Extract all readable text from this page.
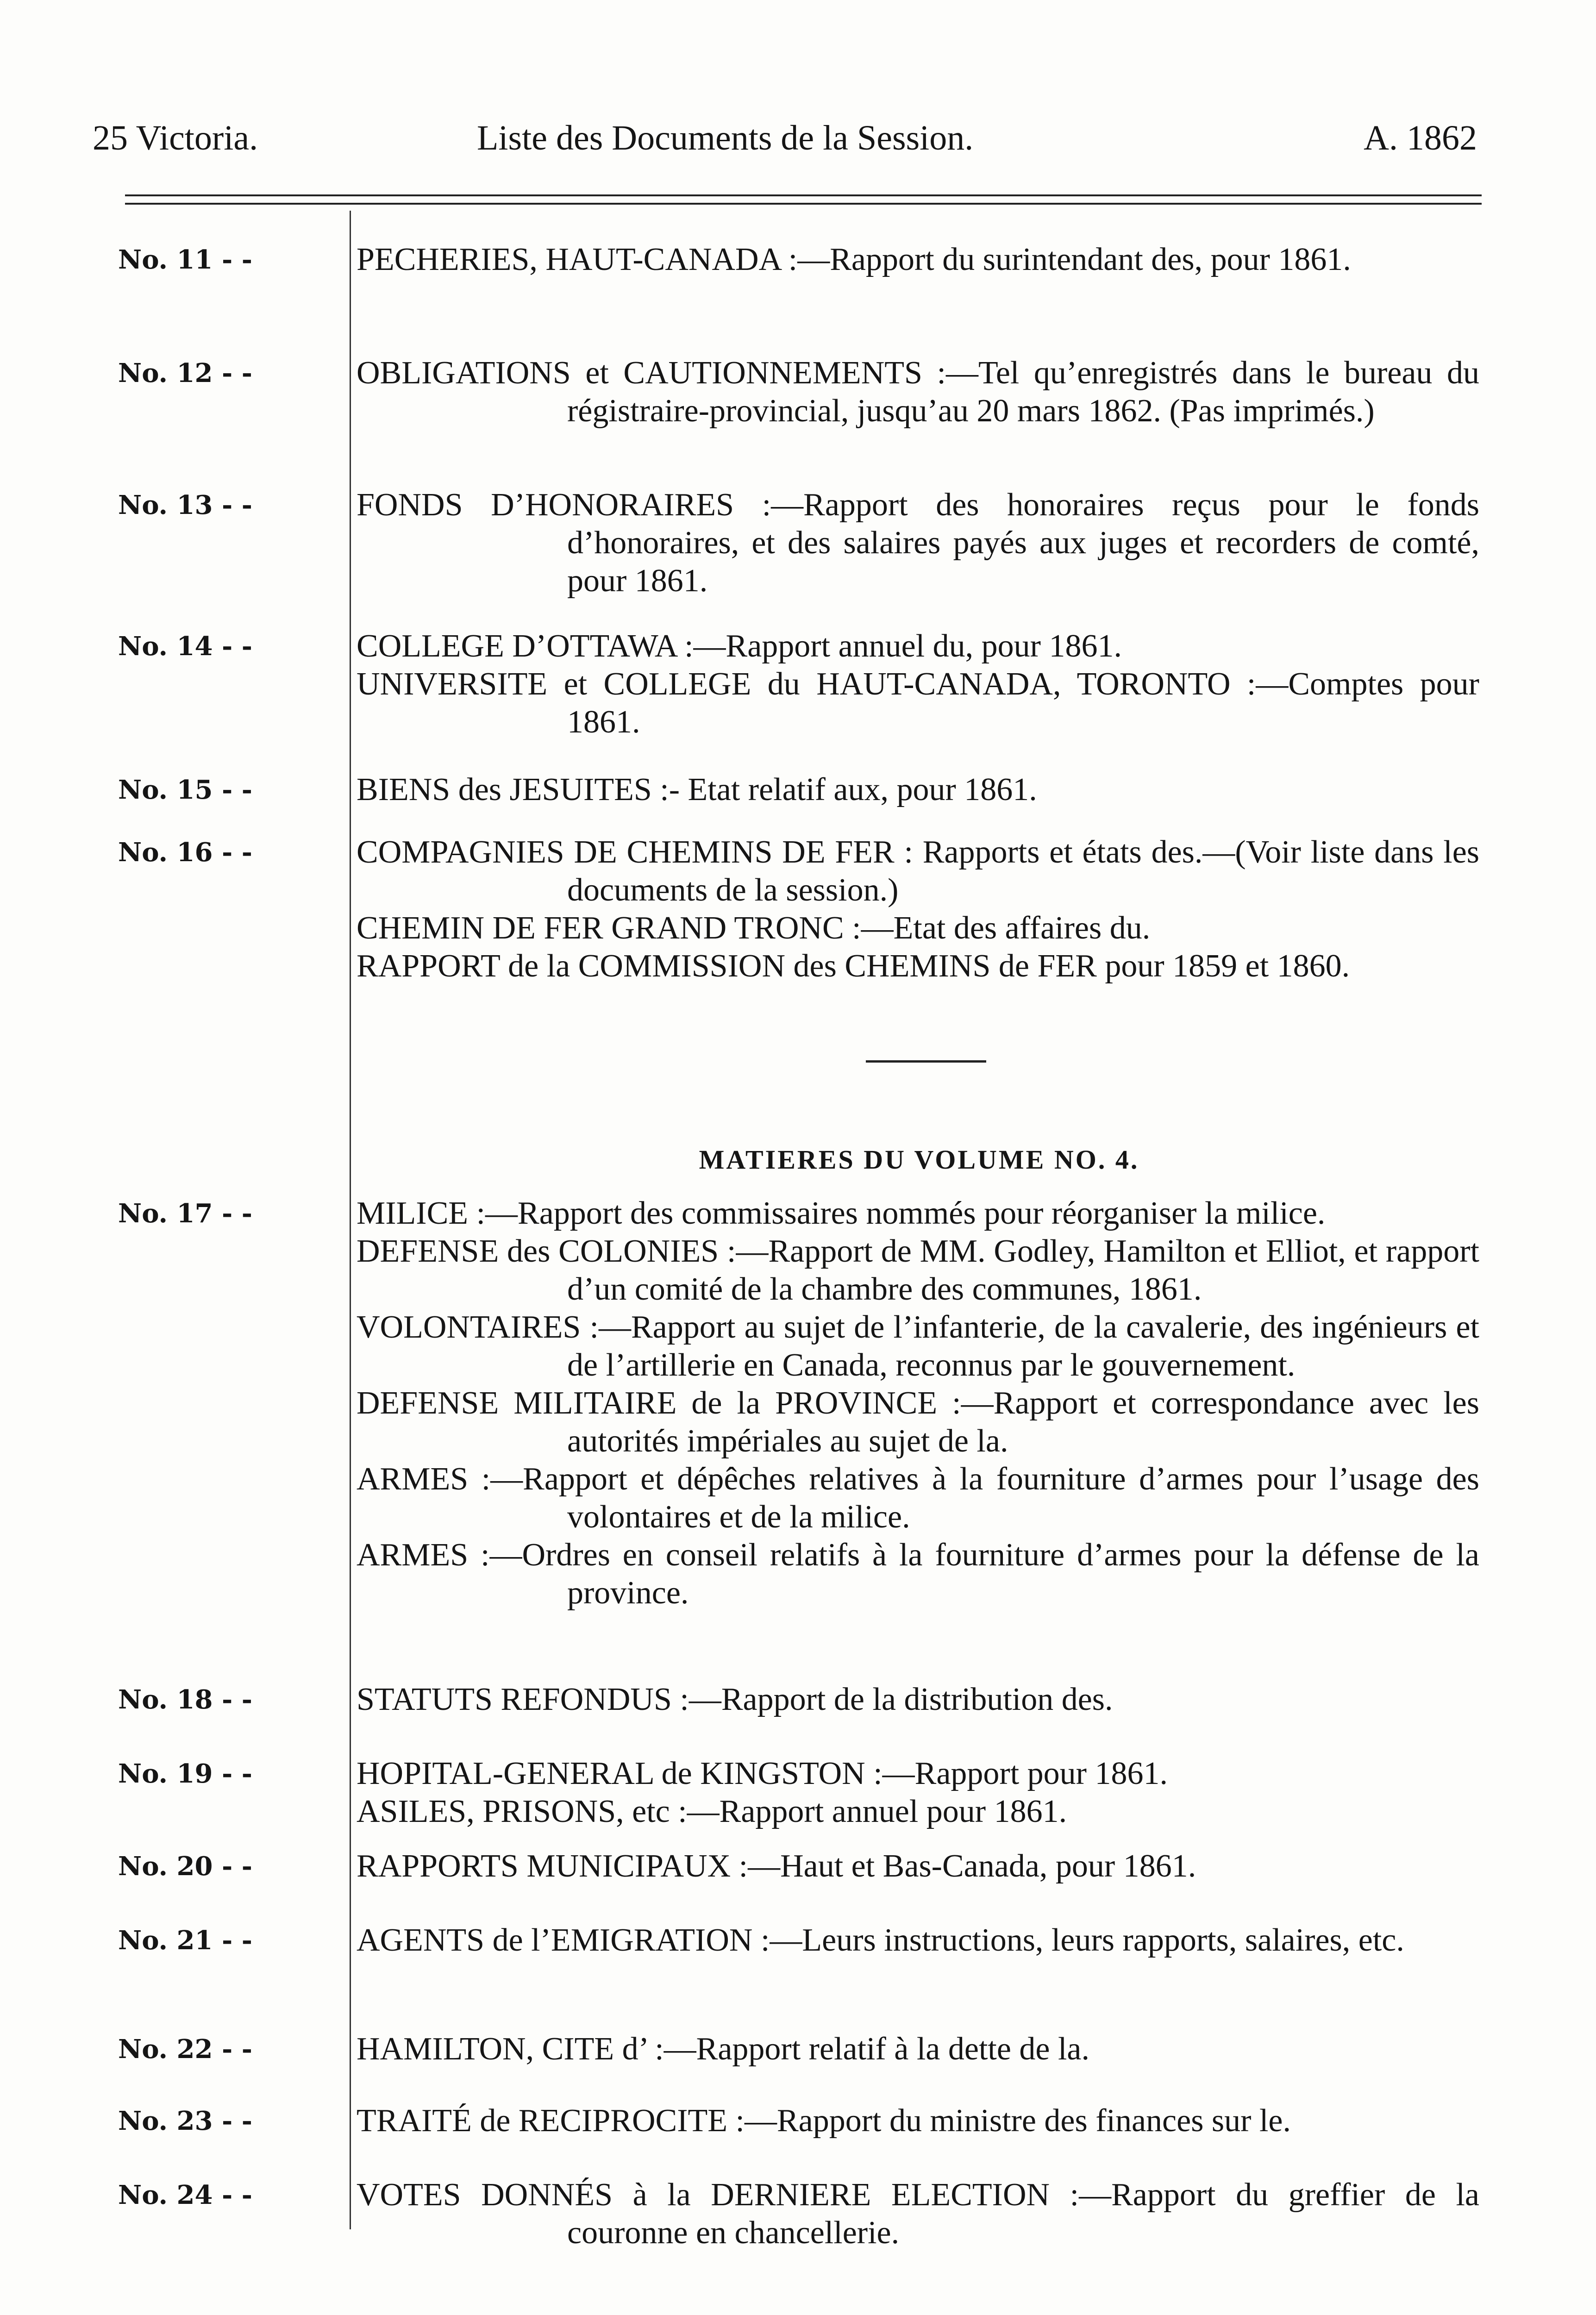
25 Victoria.	Liste des Documents de la Session.	A. 1862
No. 11 - -	PECHERIES, HAUT-CANADA :—Rapport du surintendant des, pour 1861.

No. 12 - -	OBLIGATIONS et CAUTIONNEMENTS :—Tel qu’enregistrés dans le bureau du régistraire-provincial, jusqu’au 20 mars 1862. (Pas imprimés.)

No. 13 - -	FONDS D’HONORAIRES :—Rapport des honoraires reçus pour le fonds d’honoraires, et des salaires payés aux juges et recorders de comté, pour 1861.

No. 14 - -	COLLEGE D’OTTAWA :—Rapport annuel du, pour 1861.

UNIVERSITE et COLLEGE du HAUT-CANADA, TORONTO :—Comptes pour 1861.

No. 15 - -	BIENS des JESUITES :- Etat relatif aux, pour 1861.

No. 16 - -	COMPAGNIES DE CHEMINS DE FER : Rapports et états des.—(Voir liste dans les documents de la session.)

CHEMIN DE FER GRAND TRONC :—Etat des affaires du.

RAPPORT de la COMMISSION des CHEMINS de FER pour 1859 et 1860.

No. 17 - -	MILICE :—Rapport des commissaires nommés pour réorganiser la milice.

DEFENSE des COLONIES :—Rapport de MM. Godley, Hamilton et Elliot, et rapport d’un comité de la chambre des communes, 1861.

VOLONTAIRES :—Rapport au sujet de l’infanterie, de la cavalerie, des ingénieurs et de l’artillerie en Canada, reconnus par le gouvernement.

DEFENSE MILITAIRE de la PROVINCE :—Rapport et correspondance avec les autorités impériales au sujet de la.

ARMES :—Rapport et dépêches relatives à la fourniture d’armes pour l’usage des volontaires et de la milice.

ARMES :—Ordres en conseil relatifs à la fourniture d’armes pour la défense de la province.

No. 18 - -	STATUTS REFONDUS :—Rapport de la distribution des.

No. 19 - -	HOPITAL-GENERAL de KINGSTON :—Rapport pour 1861.

ASILES, PRISONS, etc :—Rapport annuel pour 1861.

No. 20 - -	RAPPORTS MUNICIPAUX :—Haut et Bas-Canada, pour 1861.

No. 21 - -	AGENTS de l’EMIGRATION :—Leurs instructions, leurs rapports, salaires, etc.

No. 22 - -	HAMILTON, CITE d’ :—Rapport relatif à la dette de la.

No. 23 - -	TRAITÉ de RECIPROCITE :—Rapport du ministre des finances sur le.

No. 24 - -	VOTES DONNÉS à la DERNIERE ELECTION :—Rapport du greffier de la couronne en chancellerie.

MATIERES DU VOLUME NO. 4.
